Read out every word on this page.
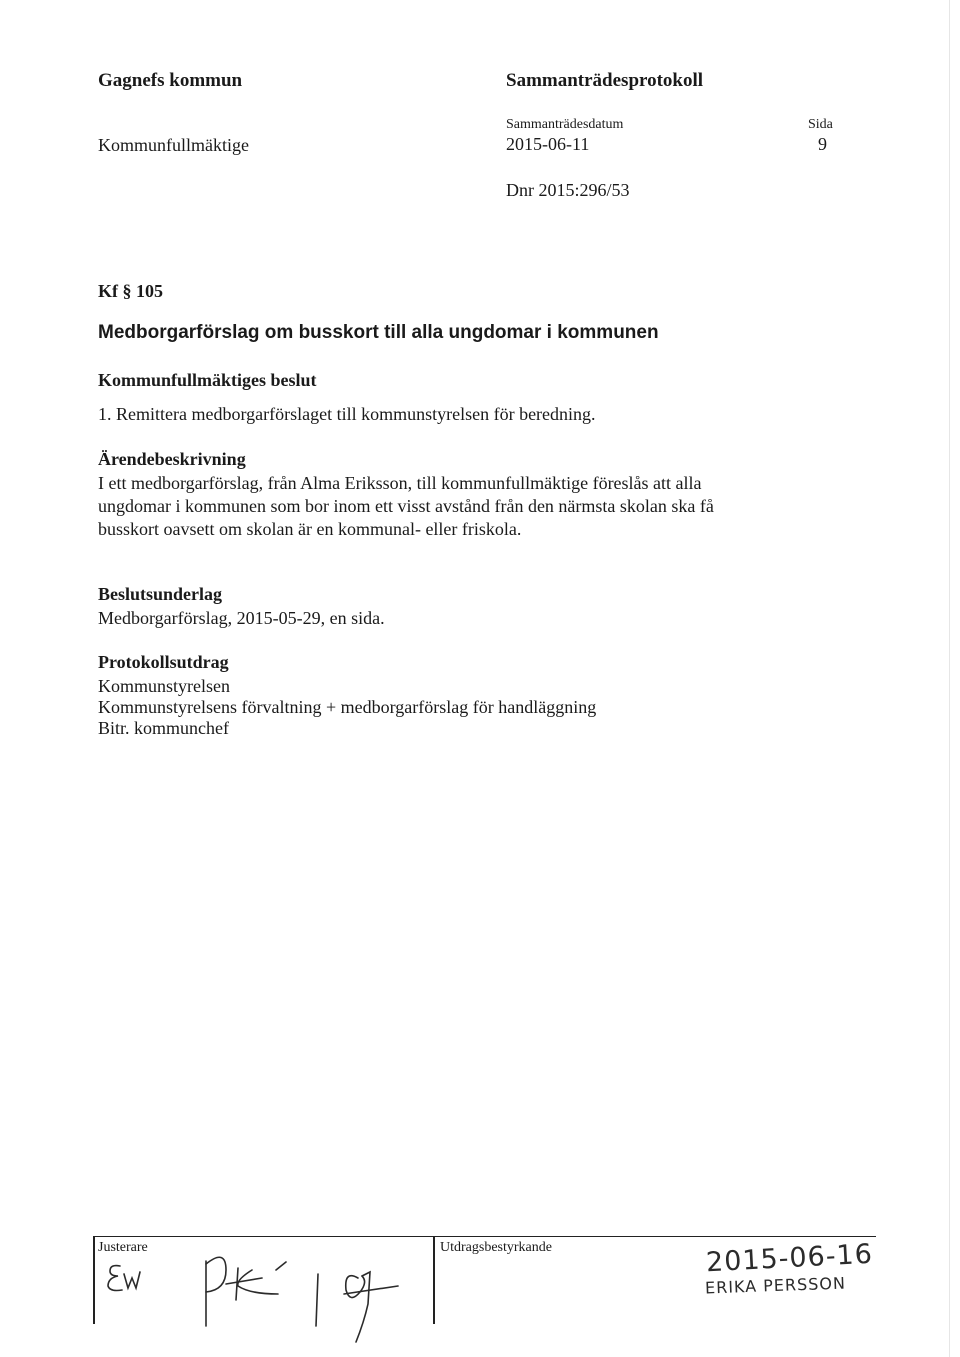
Gagnefs kommun	Sammanträdesprotokoll
Kommunfullmäktige
Sammanträdesdatum
2015-06-11
Sida
9
Dnr 2015:296/53
Kf § 105
Medborgarförslag om busskort till alla ungdomar i kommunen
Kommunfullmäktiges beslut
1. Remittera medborgarförslaget till kommunstyrelsen för beredning.
Ärendebeskrivning
I ett medborgarförslag, från Alma Eriksson, till kommunfullmäktige föreslås att alla ungdomar i kommunen som bor inom ett visst avstånd från den närmsta skolan ska få busskort oavsett om skolan är en kommunal- eller friskola.
Beslutsunderlag
Medborgarförslag, 2015-05-29, en sida.
Protokollsutdrag
Kommunstyrelsen
Kommunstyrelsens förvaltning + medborgarförslag för handläggning
Bitr. kommunchef
Justerare	Utdragsbestyrkande	2015-06-16
ERIKA PERSSON
